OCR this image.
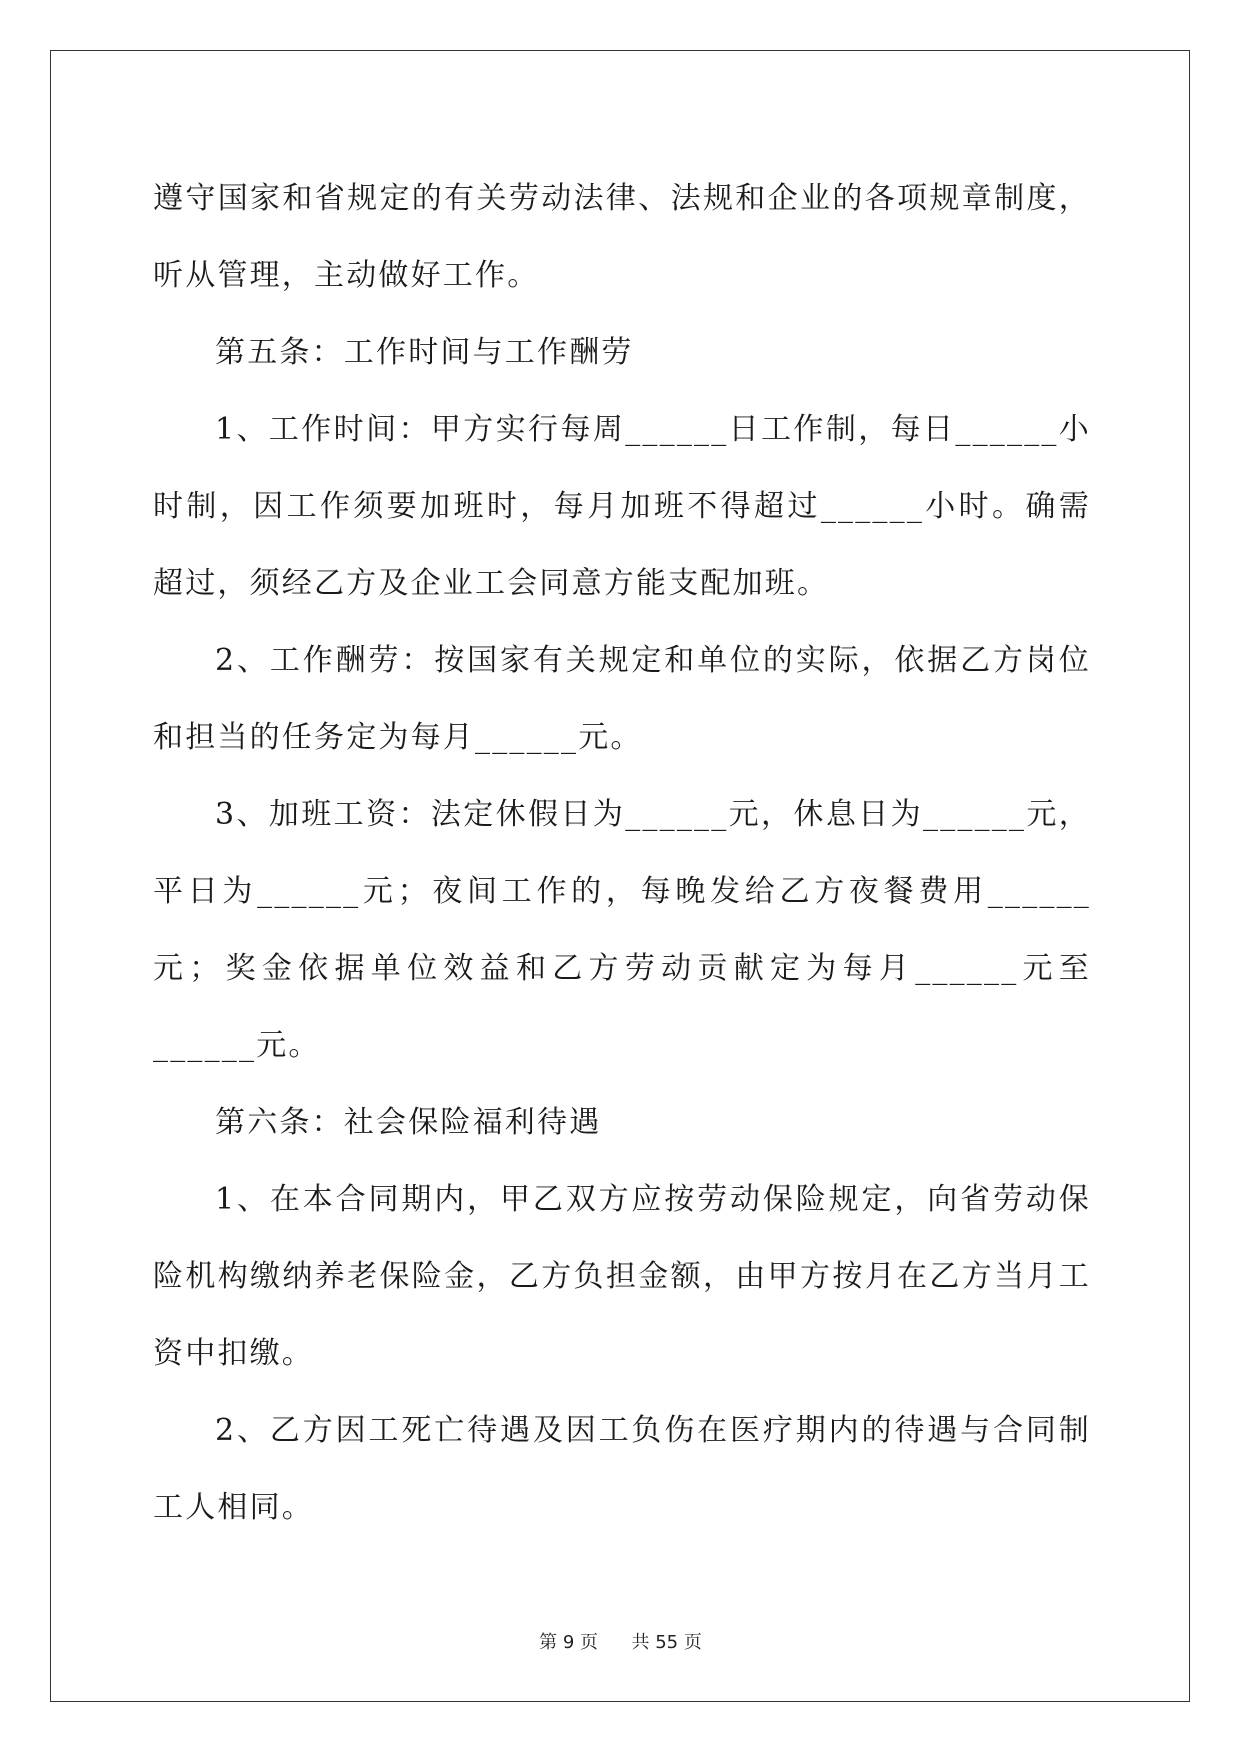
遵守国家和省规定的有关劳动法律、法规和企业的各项规章制度，听从管理，主动做好工作。

第五条：工作时间与工作酬劳

1、工作时间：甲方实行每周______日工作制，每日______小时制，因工作须要加班时，每月加班不得超过______小时。确需超过，须经乙方及企业工会同意方能支配加班。

2、工作酬劳：按国家有关规定和单位的实际，依据乙方岗位和担当的任务定为每月______元。

3、加班工资：法定休假日为______元，休息日为______元，平日为______元；夜间工作的，每晚发给乙方夜餐费用______元；奖金依据单位效益和乙方劳动贡献定为每月______元至______元。

第六条：社会保险福利待遇

1、在本合同期内，甲乙双方应按劳动保险规定，向省劳动保险机构缴纳养老保险金，乙方负担金额，由甲方按月在乙方当月工资中扣缴。

2、乙方因工死亡待遇及因工负伤在医疗期内的待遇与合同制工人相同。

第 9 页 共 55 页
